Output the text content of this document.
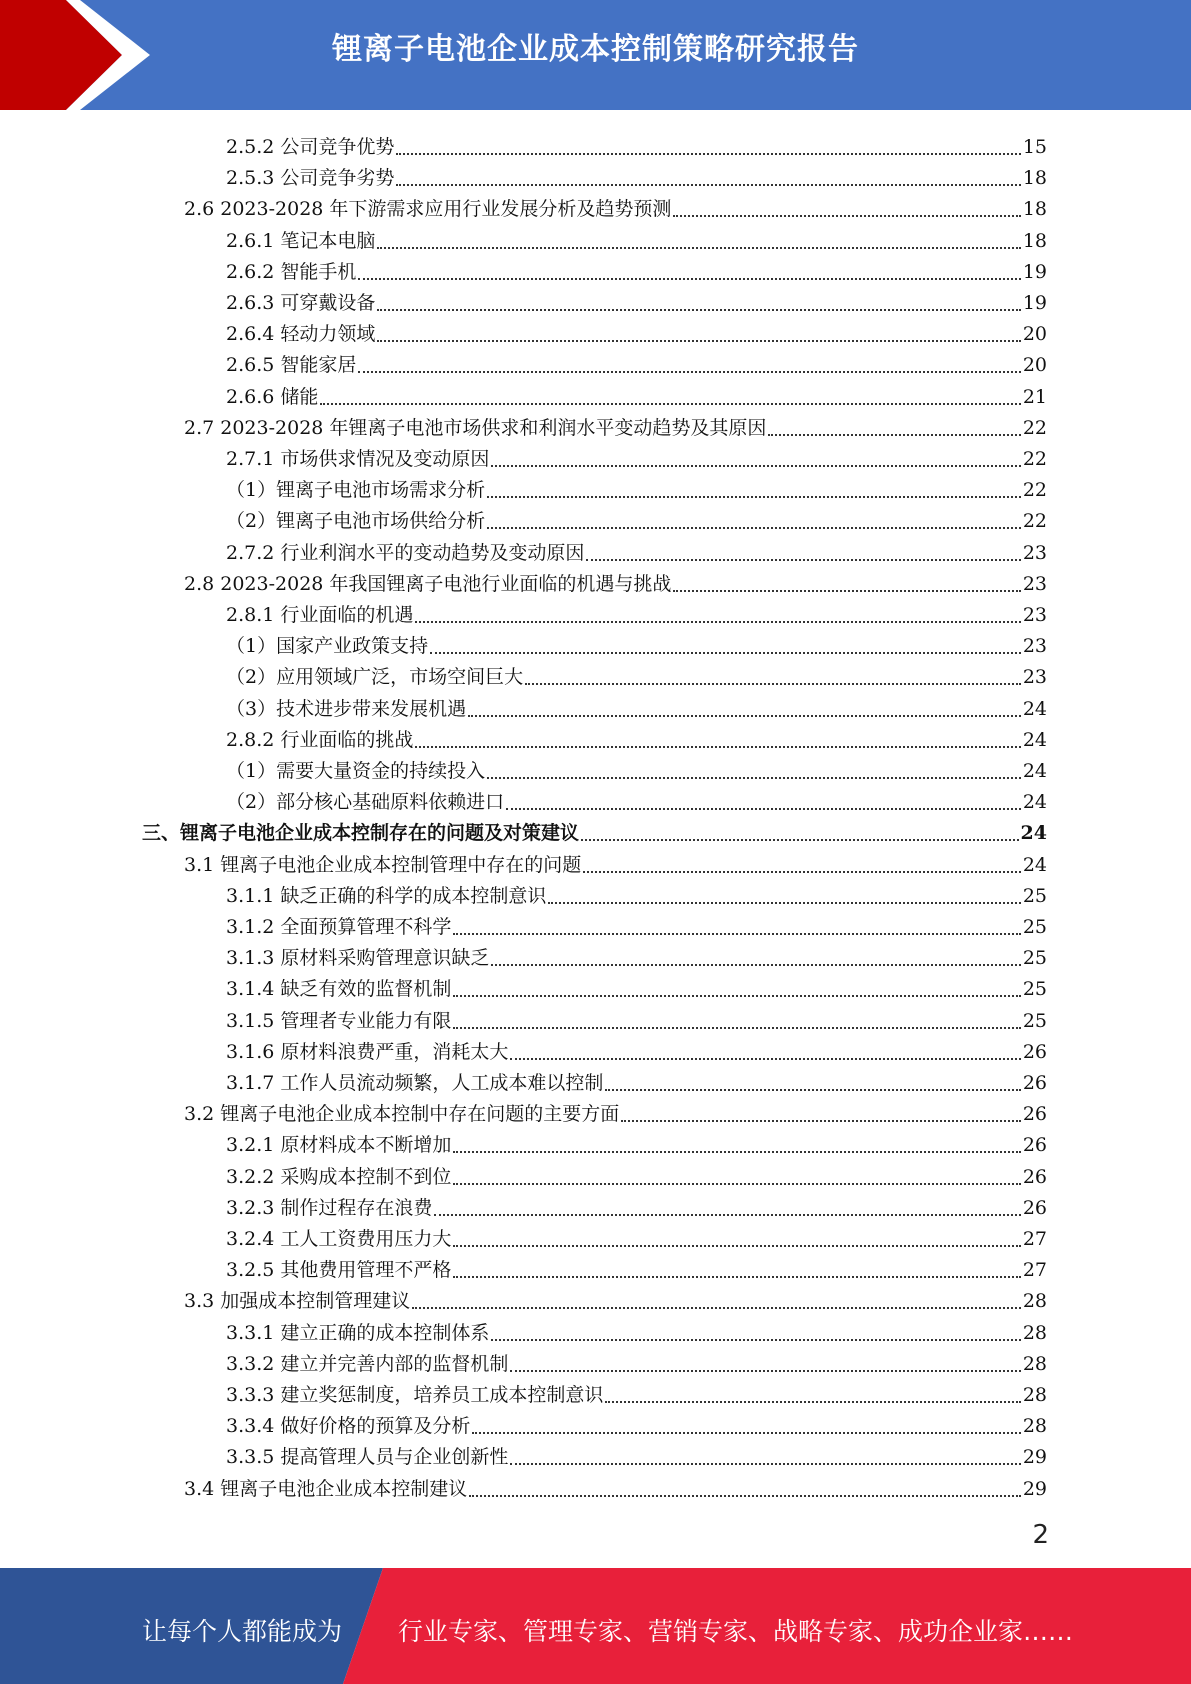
锂离子电池企业成本控制策略研究报告
2.5.2 公司竞争优势	15
2.5.3 公司竞争劣势	18
2.6 2023-2028 年下游需求应用行业发展分析及趋势预测	18
2.6.1 笔记本电脑	18
2.6.2 智能手机	19
2.6.3 可穿戴设备	19
2.6.4 轻动力领域	20
2.6.5 智能家居	20
2.6.6 储能	21
2.7 2023-2028 年锂离子电池市场供求和利润水平变动趋势及其原因	22
2.7.1 市场供求情况及变动原因	22
（1）锂离子电池市场需求分析	22
（2）锂离子电池市场供给分析	22
2.7.2 行业利润水平的变动趋势及变动原因	23
2.8 2023-2028 年我国锂离子电池行业面临的机遇与挑战	23
2.8.1 行业面临的机遇	23
（1）国家产业政策支持	23
（2）应用领域广泛，市场空间巨大	23
（3）技术进步带来发展机遇	24
2.8.2 行业面临的挑战	24
（1）需要大量资金的持续投入	24
（2）部分核心基础原料依赖进口	24
三、锂离子电池企业成本控制存在的问题及对策建议	24
3.1 锂离子电池企业成本控制管理中存在的问题	24
3.1.1 缺乏正确的科学的成本控制意识	25
3.1.2 全面预算管理不科学	25
3.1.3 原材料采购管理意识缺乏	25
3.1.4 缺乏有效的监督机制	25
3.1.5 管理者专业能力有限	25
3.1.6 原材料浪费严重，消耗太大	26
3.1.7 工作人员流动频繁，人工成本难以控制	26
3.2 锂离子电池企业成本控制中存在问题的主要方面	26
3.2.1 原材料成本不断增加	26
3.2.2 采购成本控制不到位	26
3.2.3 制作过程存在浪费	26
3.2.4 工人工资费用压力大	27
3.2.5 其他费用管理不严格	27
3.3 加强成本控制管理建议	28
3.3.1 建立正确的成本控制体系	28
3.3.2 建立并完善内部的监督机制	28
3.3.3 建立奖惩制度，培养员工成本控制意识	28
3.3.4 做好价格的预算及分析	28
3.3.5 提高管理人员与企业创新性	29
3.4 锂离子电池企业成本控制建议	29
2
让每个人都能成为 行业专家、管理专家、营销专家、战略专家、成功企业家……
